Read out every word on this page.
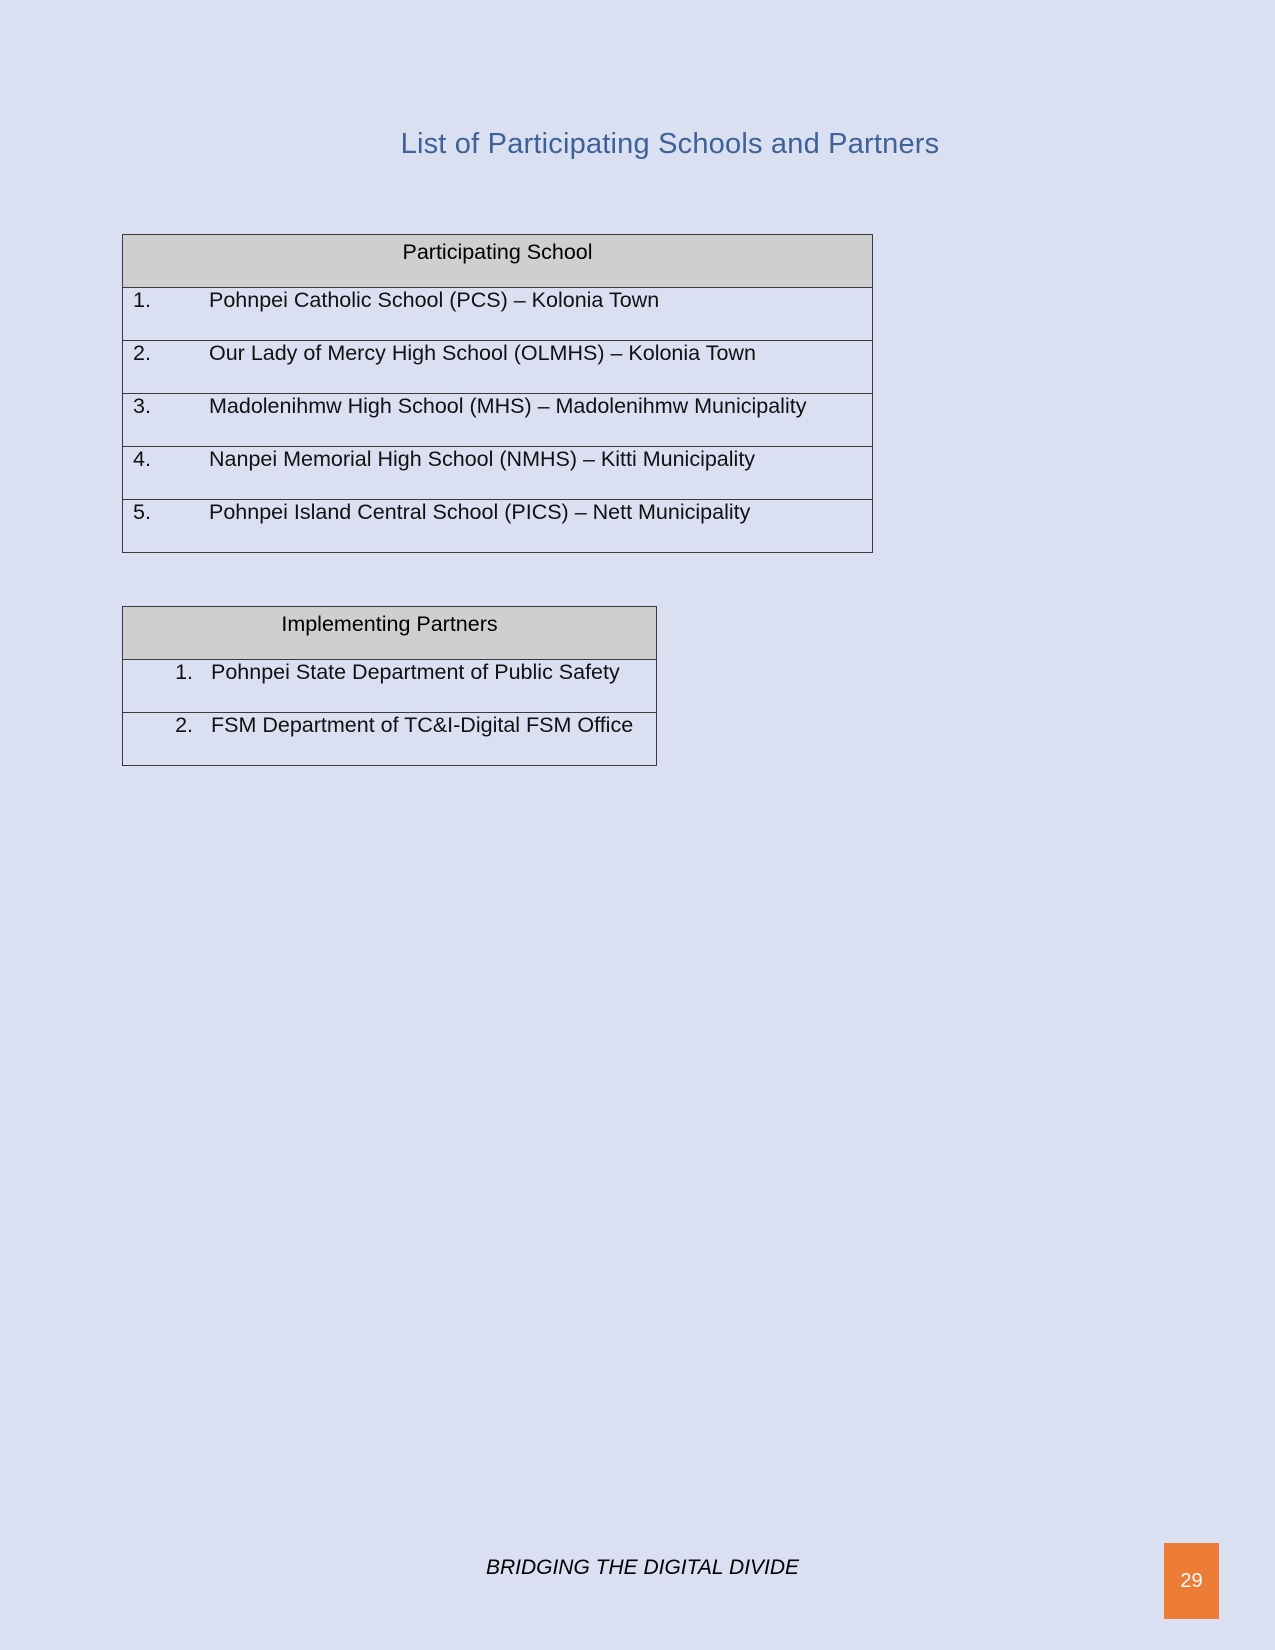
List of Participating Schools and Partners
Participating School
1.	Pohnpei Catholic School (PCS) – Kolonia Town
2.	Our Lady of Mercy High School (OLMHS) – Kolonia Town
3.	Madolenihmw High School (MHS) – Madolenihmw Municipality
4.	Nanpei Memorial High School (NMHS) – Kitti Municipality
5.	Pohnpei Island Central School (PICS) – Nett Municipality
Implementing Partners
1. Pohnpei State Department of Public Safety
2. FSM Department of TC&I-Digital FSM Office
BRIDGING THE DIGITAL DIVIDE
29
